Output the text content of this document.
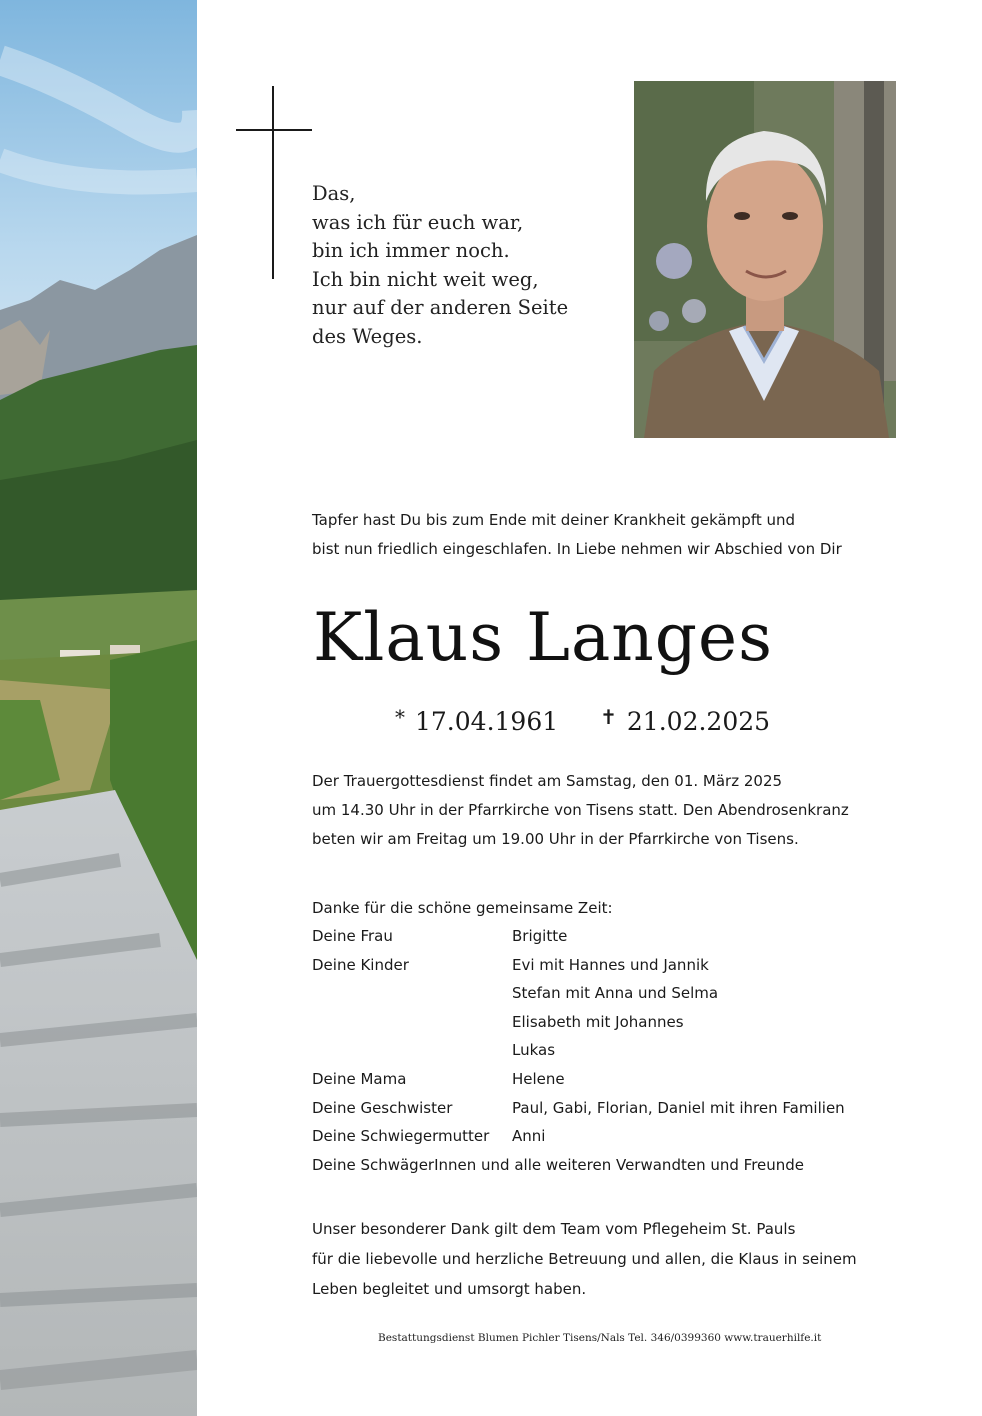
Das,
was ich für euch war,
bin ich immer noch.
Ich bin nicht weit weg,
nur auf der anderen Seite
des Weges.
Tapfer hast Du bis zum Ende mit deiner Krankheit gekämpft und
bist nun friedlich eingeschlafen. In Liebe nehmen wir Abschied von Dir
Klaus Langes
* 17.04.1961 ✝ 21.02.2025
Der Trauergottesdienst findet am Samstag, den 01. März 2025
um 14.30 Uhr in der Pfarrkirche von Tisens statt. Den Abendrosenkranz
beten wir am Freitag um 19.00 Uhr in der Pfarrkirche von Tisens.
Danke für die schöne gemeinsame Zeit:
Deine Frau	Brigitte
Deine Kinder	Evi mit Hannes und Jannik
Stefan mit Anna und Selma
Elisabeth mit Johannes
Lukas
Deine Mama	Helene
Deine Geschwister	Paul, Gabi, Florian, Daniel mit ihren Familien
Deine Schwiegermutter Anni
Deine SchwägerInnen und alle weiteren Verwandten und Freunde
Unser besonderer Dank gilt dem Team vom Pflegeheim St. Pauls
für die liebevolle und herzliche Betreuung und allen, die Klaus in seinem
Leben begleitet und umsorgt haben.
Bestattungsdienst Blumen Pichler Tisens/Nals Tel. 346/0399360 www.trauerhilfe.it
